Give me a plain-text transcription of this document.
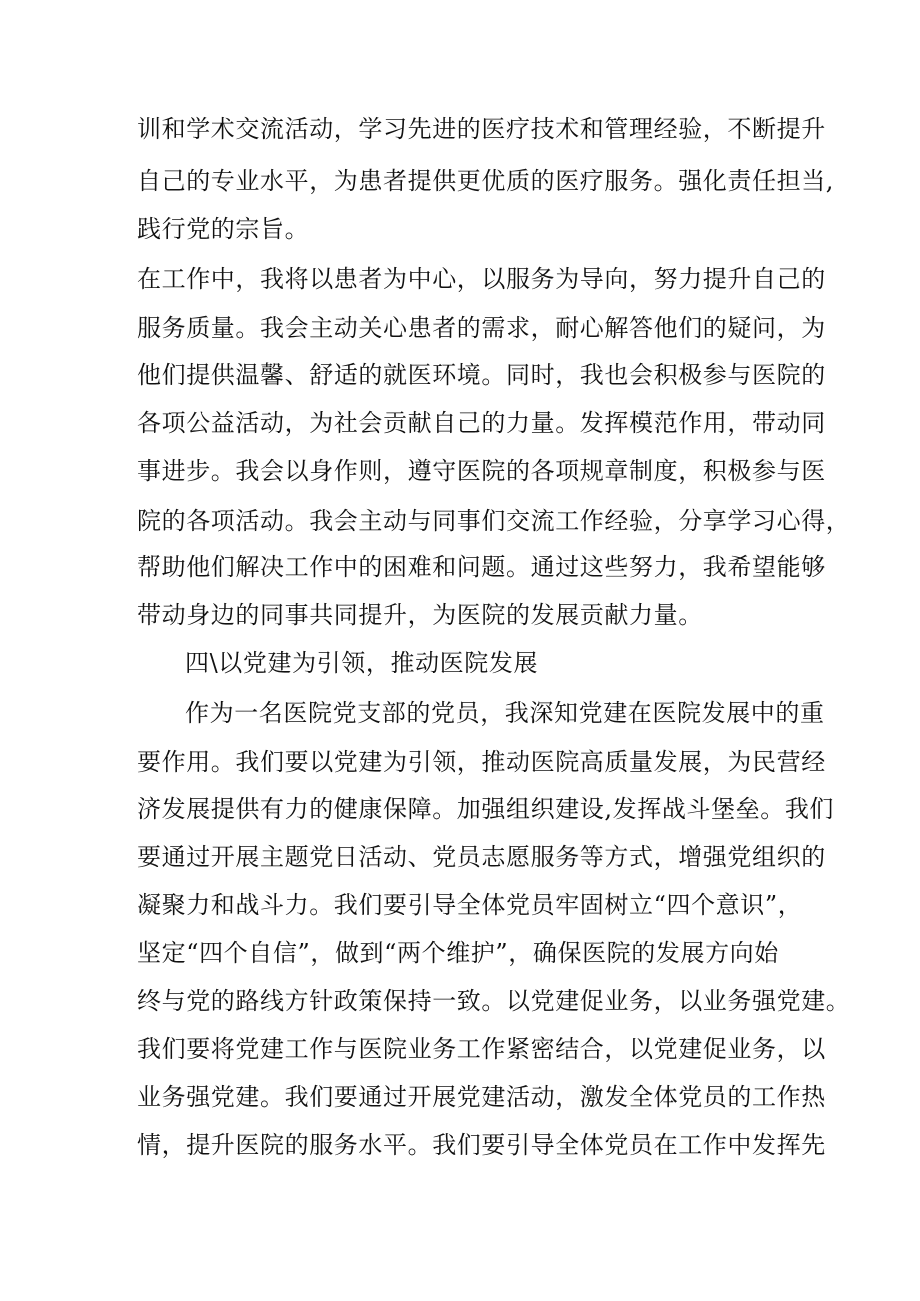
训和学术交流活动，学习先进的医疗技术和管理经验，不断提升
自己的专业水平，为患者提供更优质的医疗服务。强化责任担当,
践行党的宗旨。
在工作中，我将以患者为中心，以服务为导向，努力提升自己的
服务质量。我会主动关心患者的需求，耐心解答他们的疑问，为
他们提供温馨、舒适的就医环境。同时，我也会积极参与医院的
各项公益活动，为社会贡献自己的力量。发挥模范作用，带动同
事进步。我会以身作则，遵守医院的各项规章制度，积极参与医
院的各项活动。我会主动与同事们交流工作经验，分享学习心得，
帮助他们解决工作中的困难和问题。通过这些努力，我希望能够
带动身边的同事共同提升，为医院的发展贡献力量。
四\以党建为引领，推动医院发展
作为一名医院党支部的党员，我深知党建在医院发展中的重
要作用。我们要以党建为引领，推动医院高质量发展，为民营经
济发展提供有力的健康保障。加强组织建设,发挥战斗堡垒。我们
要通过开展主题党日活动、党员志愿服务等方式，增强党组织的
凝聚力和战斗力。我们要引导全体党员牢固树立“四个意识”，
坚定“四个自信”，做到“两个维护”，确保医院的发展方向始
终与党的路线方针政策保持一致。以党建促业务，以业务强党建。
我们要将党建工作与医院业务工作紧密结合，以党建促业务，以
业务强党建。我们要通过开展党建活动，激发全体党员的工作热
情，提升医院的服务水平。我们要引导全体党员在工作中发挥先
